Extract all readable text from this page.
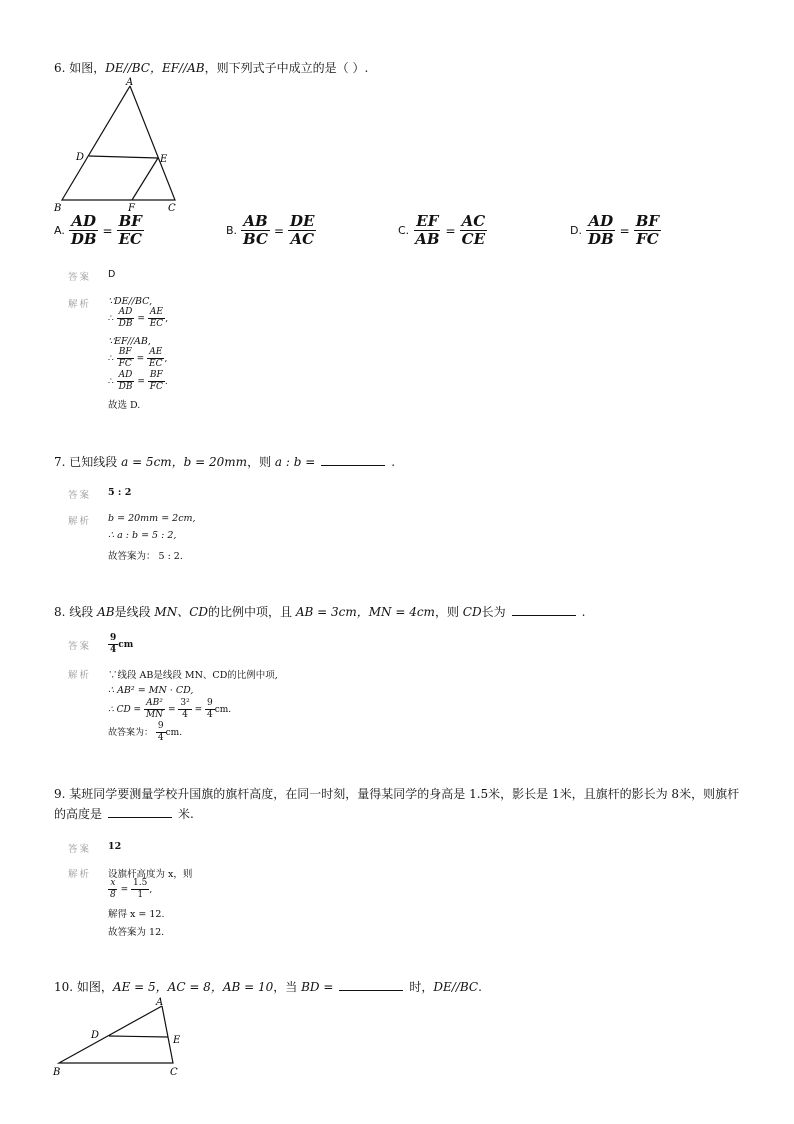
6. 如图，DE//BC，EF//AB，则下列式子中成立的是（ ）.
A
D	E
B	F	C
A. $\frac{AD}{DB} = \frac{BF}{EC}$	B. $\frac{AB}{BC} = \frac{DE}{AC}$	C. $\frac{EF}{AB} = \frac{AC}{CE}$	D. $\frac{AD}{DB} = \frac{BF}{FC}$
答案 D
解析 ∵DE//BC,
∴ $\frac{AD}{DB} = \frac{AE}{EC}$ ,
∵EF//AB,
∴ $\frac{BF}{FC} = \frac{AE}{EC}$ ,
∴ $\frac{AD}{DB} = \frac{BF}{FC}$ .
故选 D.
7. 已知线段 a = 5cm，b = 20mm，则 a : b =	.
答案 5 : 2
解析 b = 20mm = 2cm,
∴ a : b = 5 : 2,
故答案为： 5 : 2.
8. 线段 AB是线段 MN、CD的比例中项，且 AB = 3cm，MN = 4cm，则 CD长为	.
答案 $\frac{9}{4}$ cm
解析 ∵线段 AB是线段 MN、CD的比例中项,
∴ AB² = MN · CD,
∴ CD = $\frac{\text{AB²}}{MN} = \frac{\text{3²}}{4} = \frac{9}{4}$ cm.
故答案为： $\frac{9}{4}$ cm.
9. 某班同学要测量学校升国旗的旗杆高度，在同一时刻，量得某同学的身高是 1.5米，影长是 1米，且旗杆的影长为 8米，则旗杆
的高度是	米.
答案 12
解析 设旗杆高度为 x，则
$\frac{x}{8} = \frac{1.5}{1}$ ,
解得 x = 12.
故答案为 12.
10. 如图，AE = 5，AC = 8，AB = 10，当 BD =	时，DE//BC.
A
D	E
B	C
